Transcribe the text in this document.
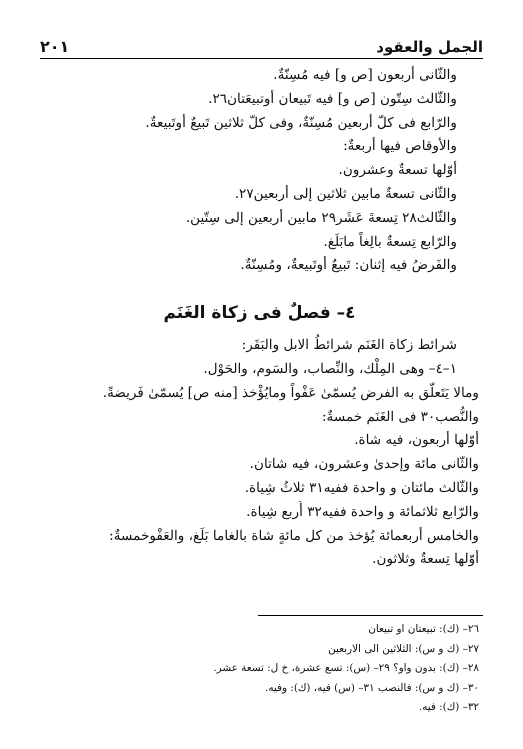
الجمل والعقود
٢٠١
والثّانى أربعون [ص و] فيه مُسِنّةٌ.
والثّالث سِتّون [ص و] فيه تَبيعان أوتبيعَتان٢٦.
والرّابع فى كلّ أربعين مُسِنّةٌ، وفى كلّ ثلاثين تَبيعٌ أوتَبيعةٌ.
والأوقاص فيها أربعةٌ:
أوّلها تسعةٌ وعشرون.
والثّانى تسعةٌ مابين ثلاثين إلى أربعين٢٧.
والثّالث٢٨ تِسعةَ عَشَر٢٩ مابين أربعين إلى سِتّين.
والرّابع تِسعةٌ بالِغاً مابَلَغ.
والفَرضُ فيه إثنان: تَبيعٌ أوتَبيعةٌ، ومُسِنّةٌ.
٤– فصلٌ فى زكاة الغَنَم
شرائط زكاة الغَنَم شرائطُ الابل والبَقَر:
١–٤– وهى المِلْك، والنِّصاب، والسَوم، والحَوْل.
ومالا يَتَعلَّق به الفرض يُسمّىٰ عَفْواً ومايُؤْخذ [منه ص] يُسمّىٰ فَريضةً.
والنُّصب٣٠ فى الغَنَم خمسةٌ:
أوّلها أربعون، فيه شاة.
والثّانى مائة وإحدىٰ وعشرون، فيه شاتان.
والثّالث مائتان و واحدة ففيه٣١ ثلاثُ شِياة.
والرّابع ثلاثمائة و واحدة ففيه٣٢ أُربع شِياة.
والخامس أربعمائة يُؤخذ من كل مائةٍ شاة بالغاما بَلَغ، والعَفْوخمسةٌ:
أوّلها تِسعةٌ وثلاثون.
٢٦– (ك): تبيعتان او تبيعان
٢٧– (ك و س): الثلاثين الى الاربعين
٢٨– (ك): بدون واو؟ ٢٩– (س): تسع عشرة، خ ل: تسعة عشر.
٣٠– (ك و س): فالنصب ٣١– (س) فيه، (ك): وفيه.
٣٢– (ك): فيه.
